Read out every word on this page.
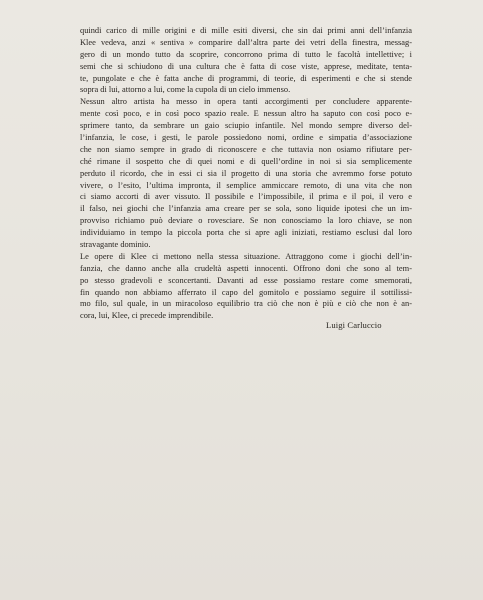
quindi carico di mille origini e di mille esiti diversi, che sin dai primi anni dell’infanzia
Klee vedeva, anzi « sentiva » comparire dall’altra parte dei vetri della finestra, messag-
gero di un mondo tutto da scoprire, concorrono prima di tutto le facoltà intellettive; i
semi che si schiudono di una cultura che è fatta di cose viste, apprese, meditate, tenta-
te, pungolate e che è fatta anche di programmi, di teorie, di esperimenti e che si stende
sopra di lui, attorno a lui, come la cupola di un cielo immenso.
Nessun altro artista ha messo in opera tanti accorgimenti per concludere apparente-
mente così poco, e in così poco spazio reale. E nessun altro ha saputo con così poco e-
sprimere tanto, da sembrare un gaio sciupio infantile. Nel mondo sempre diverso del-
l’infanzia, le cose, i gesti, le parole possiedono nomi, ordine e simpatia d’associazione
che non siamo sempre in grado di riconoscere e che tuttavia non osiamo rifiutare per-
ché rimane il sospetto che di quei nomi e di quell’ordine in noi si sia semplicemente
perduto il ricordo, che in essi ci sia il progetto di una storia che avremmo forse potuto
vivere, o l’esito, l’ultima impronta, il semplice ammiccare remoto, di una vita che non
ci siamo accorti di aver vissuto. Il possibile e l’impossibile, il prima e il poi, il vero e
il falso, nei giochi che l’infanzia ama creare per se sola, sono liquide ipotesi che un im-
provviso richiamo può deviare o rovesciare. Se non conosciamo la loro chiave, se non
individuiamo in tempo la piccola porta che si apre agli iniziati, restiamo esclusi dal loro
stravagante dominio.
Le opere di Klee ci mettono nella stessa situazione. Attraggono come i giochi dell’in-
fanzia, che danno anche alla crudeltà aspetti innocenti. Offrono doni che sono al tem-
po stesso gradevoli e sconcertanti. Davanti ad esse possiamo restare come smemorati,
fin quando non abbiamo afferrato il capo del gomitolo e possiamo seguire il sottilissi-
mo filo, sul quale, in un miracoloso equilibrio tra ciò che non è più e ciò che non è an-
cora, lui, Klee, ci precede imprendibile.
Luigi Carluccio
